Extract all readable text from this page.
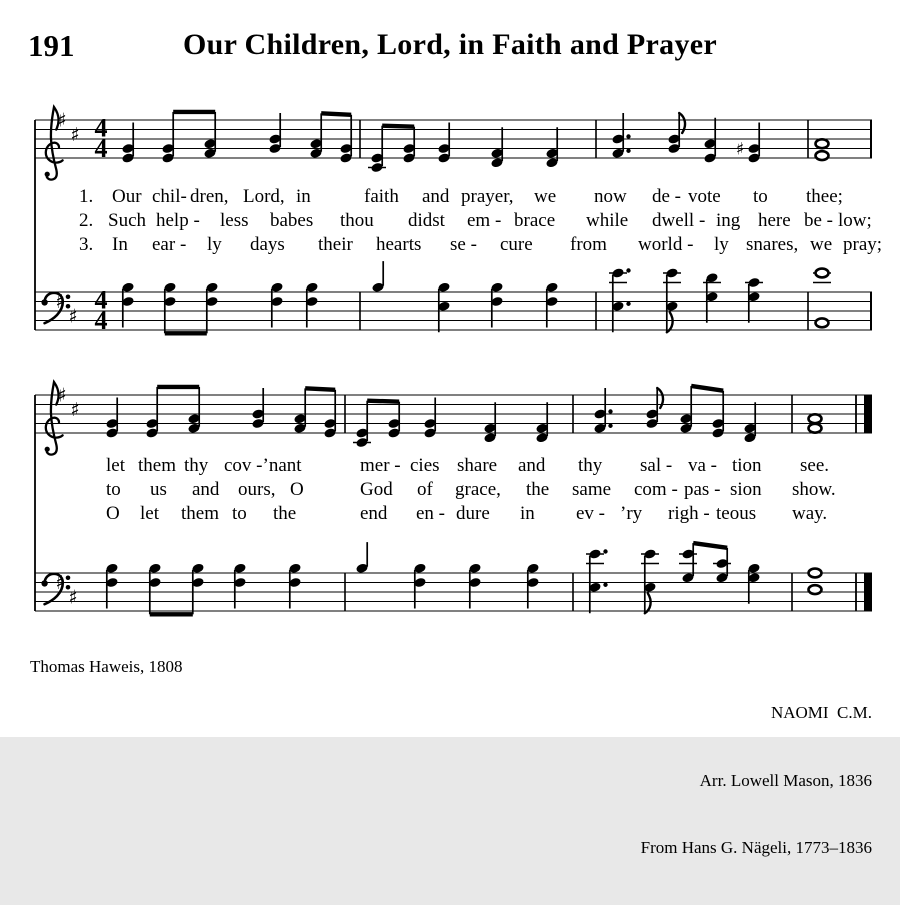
191	Our Children, Lord, in Faith and Prayer
♯
♯ 4
4	♯
♯
♯
4
4
♯
♯
♯
♯
1. Our chil- dren, Lord, in	faith and prayer, we now de - vote to thee;
2. Such help - less babes thou didst em - brace while dwell - ing here be - low;
3. In ear - ly days their hearts se - cure from world - ly snares, we pray;
let them thy cov -’nant	mer - cies share and thy sal - va - tion see.
to us and ours, O	God of grace, the same com - pas - sion show.
O let them to the	end en - dure in ev - ’ry righ - teous way.
Thomas Haweis, 1808

NAOMI  C.M.

Arr. Lowell Mason, 1836

From Hans G. Nägeli, 1773–1836
